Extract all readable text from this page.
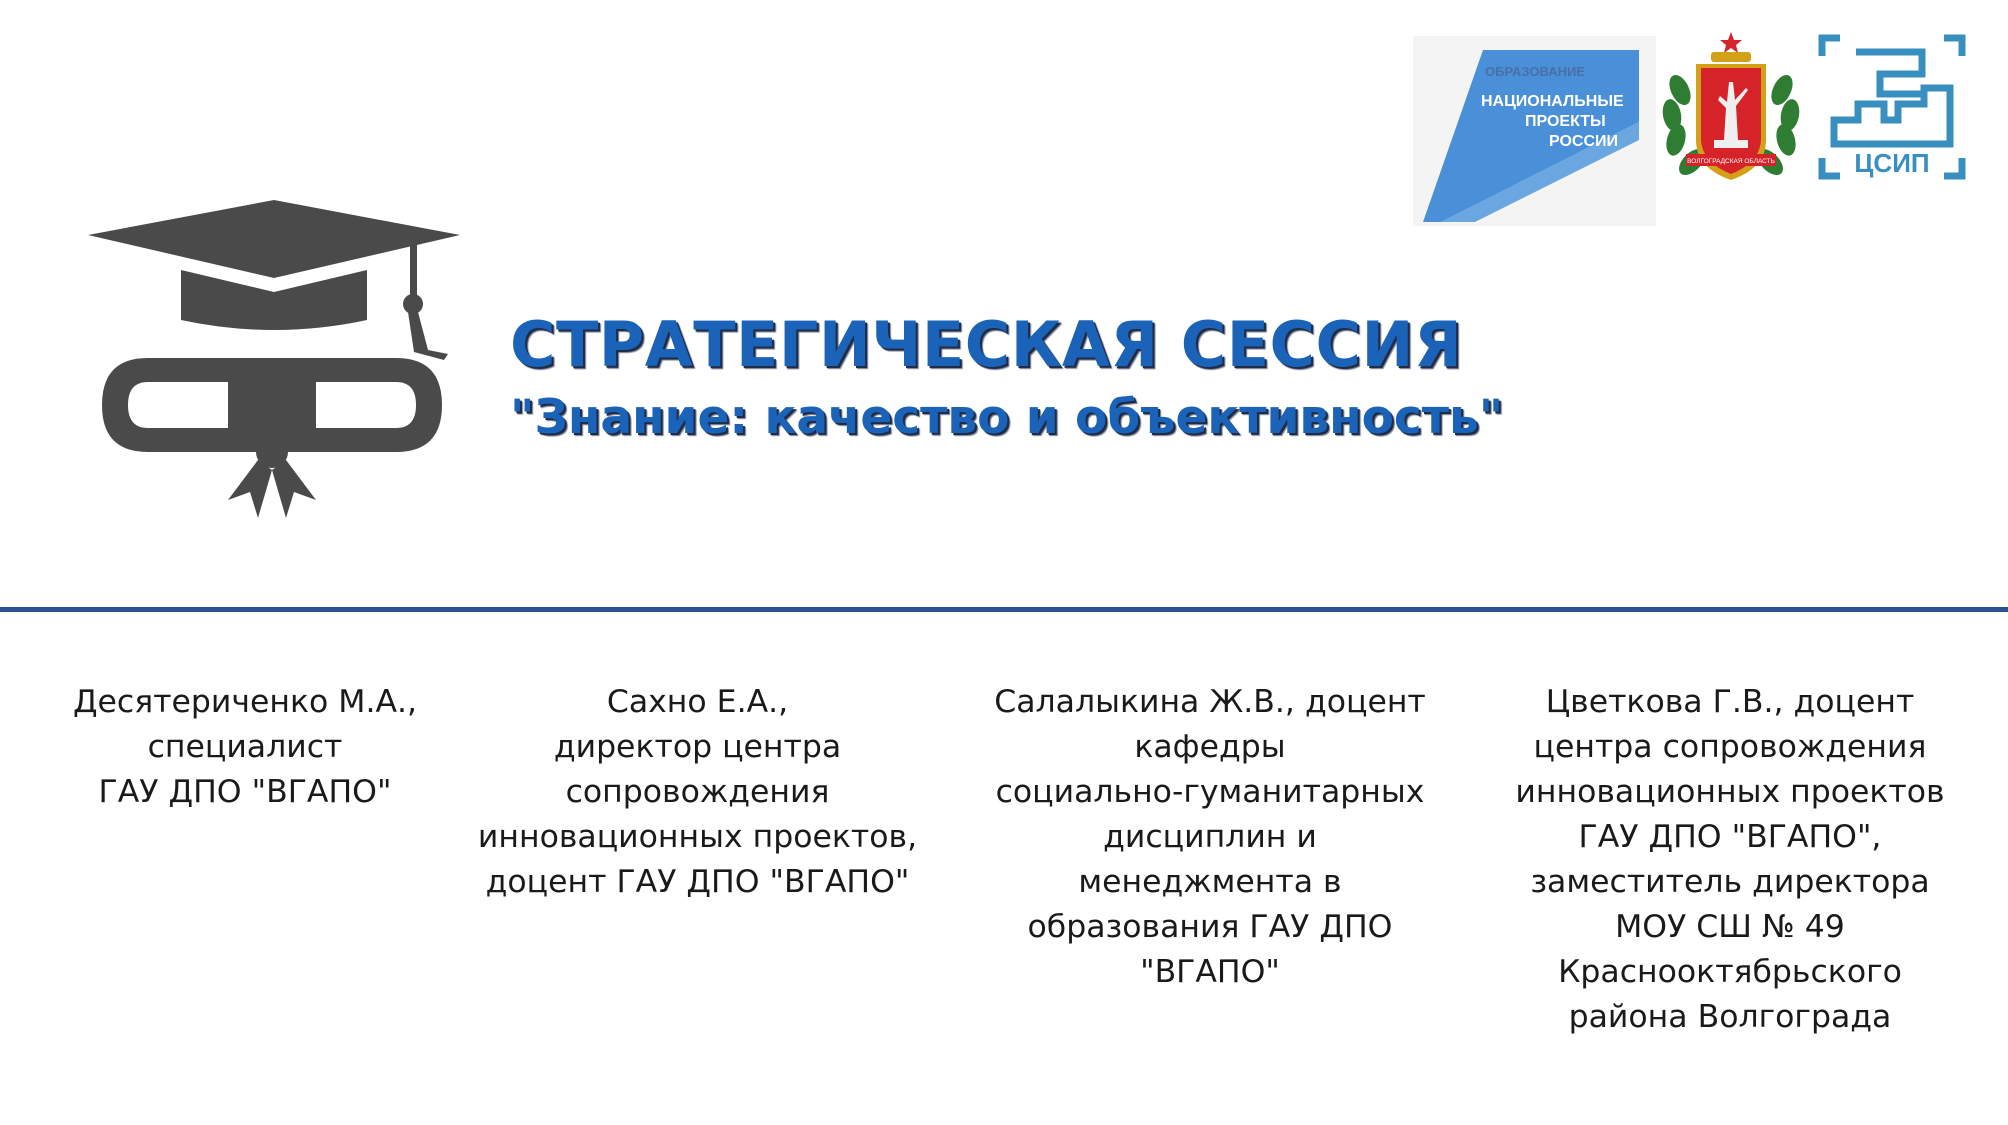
ОБРАЗОВАНИЕ
НАЦИОНАЛЬНЫЕ
ПРОЕКТЫ
РОССИИ
ВОЛГОГРАДСКАЯ ОБЛАСТЬ	ЦСИП
СТРАТЕГИЧЕСКАЯ СЕССИЯ
"Знание: качество и объективность"
Десятериченко М.А.,
специалист
ГАУ ДПО "ВГАПО"
Сахно Е.А.,
директор центра
сопровождения
инновационных проектов,
доцент ГАУ ДПО "ВГАПО"
Салалыкина Ж.В., доцент
кафедры
социально-гуманитарных
дисциплин и
менеджмента в
образования ГАУ ДПО
"ВГАПО"
Цветкова Г.В., доцент
центра сопровождения
инновационных проектов
ГАУ ДПО "ВГАПО",
заместитель директора
МОУ СШ № 49
Краснооктябрьского
района Волгограда
